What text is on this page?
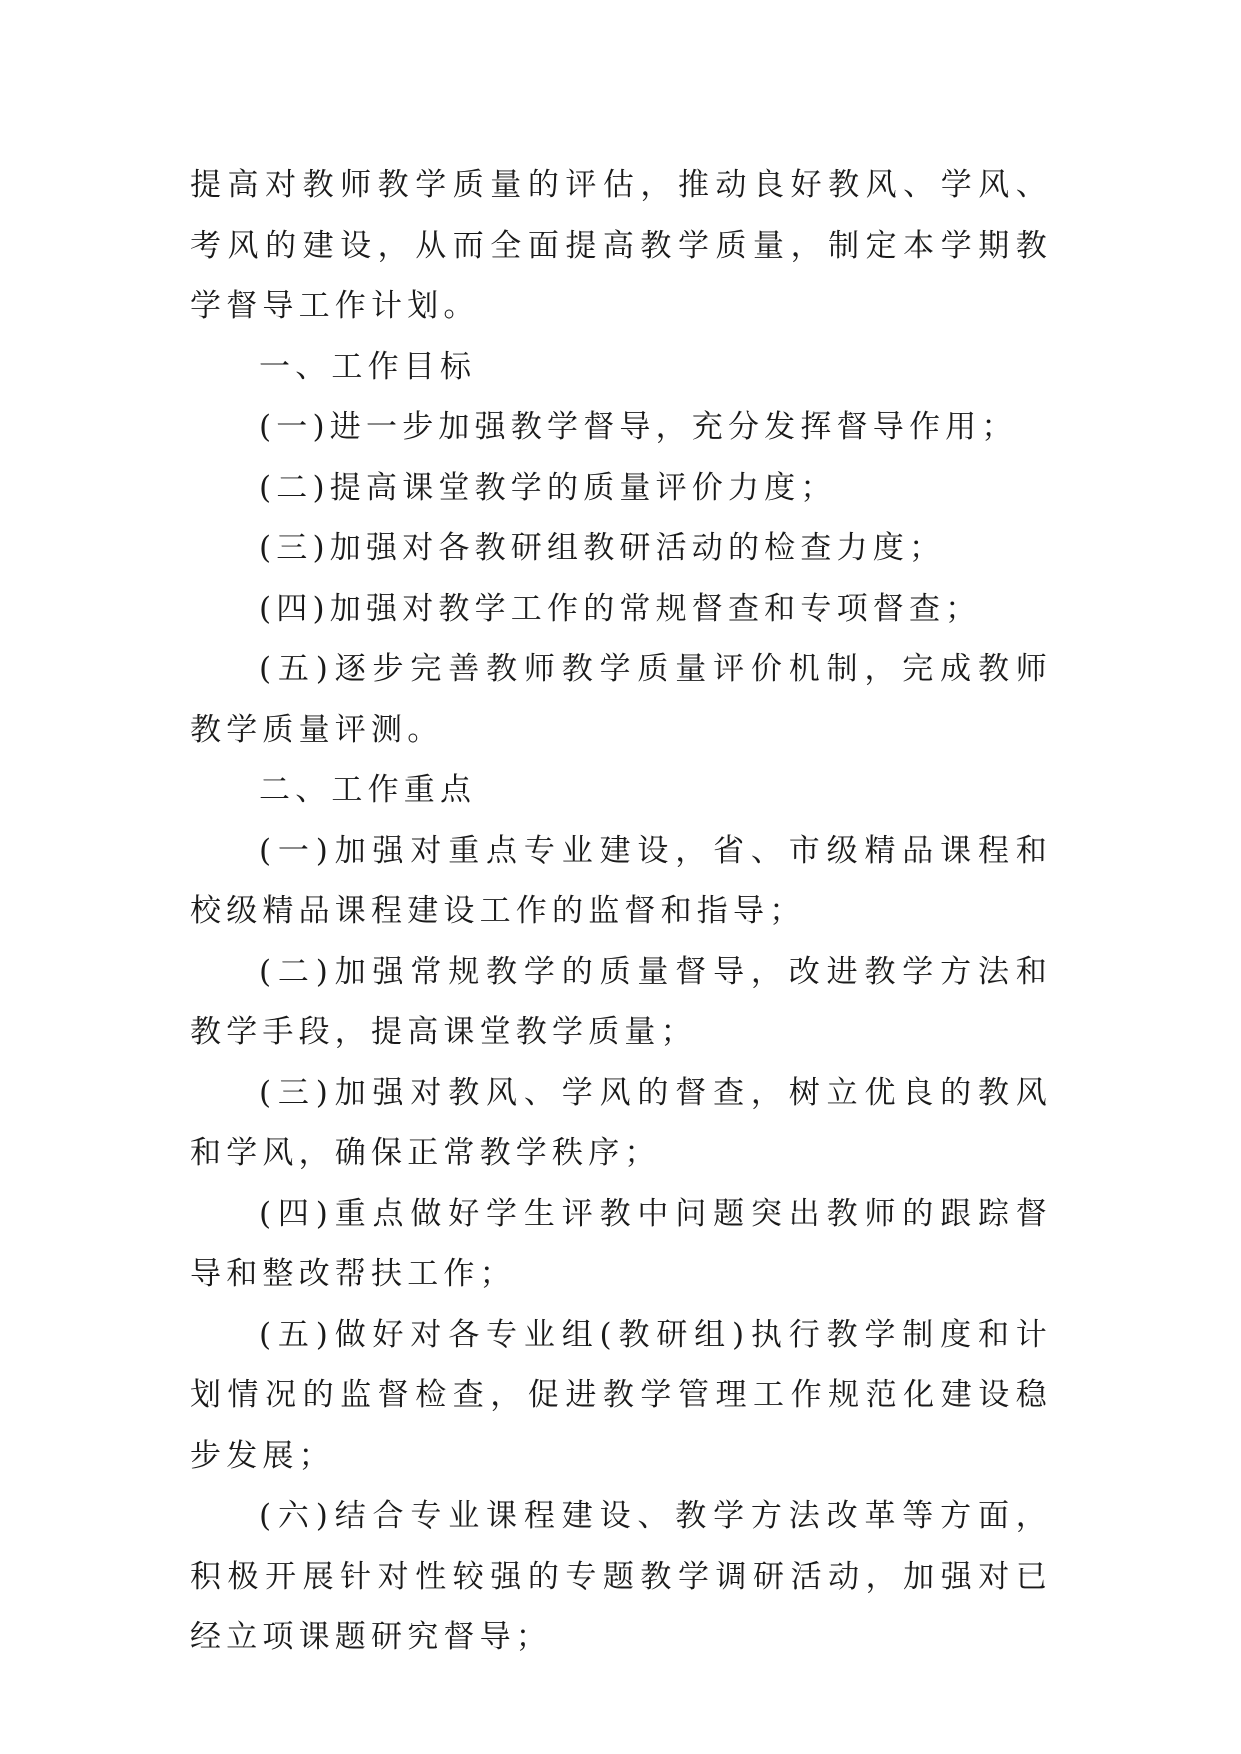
提高对教师教学质量的评估，推动良好教风、学风、考风的建设，从而全面提高教学质量，制定本学期教学督导工作计划。

一、工作目标

(一)进一步加强教学督导，充分发挥督导作用；

(二)提高课堂教学的质量评价力度；

(三)加强对各教研组教研活动的检查力度；

(四)加强对教学工作的常规督查和专项督查；

(五)逐步完善教师教学质量评价机制，完成教师教学质量评测。

二、工作重点

(一)加强对重点专业建设，省、市级精品课程和校级精品课程建设工作的监督和指导；

(二)加强常规教学的质量督导，改进教学方法和教学手段，提高课堂教学质量；

(三)加强对教风、学风的督查，树立优良的教风和学风，确保正常教学秩序；

(四)重点做好学生评教中问题突出教师的跟踪督导和整改帮扶工作；

(五)做好对各专业组(教研组)执行教学制度和计划情况的监督检查，促进教学管理工作规范化建设稳步发展；

(六)结合专业课程建设、教学方法改革等方面，积极开展针对性较强的专题教学调研活动，加强对已经立项课题研究督导；
